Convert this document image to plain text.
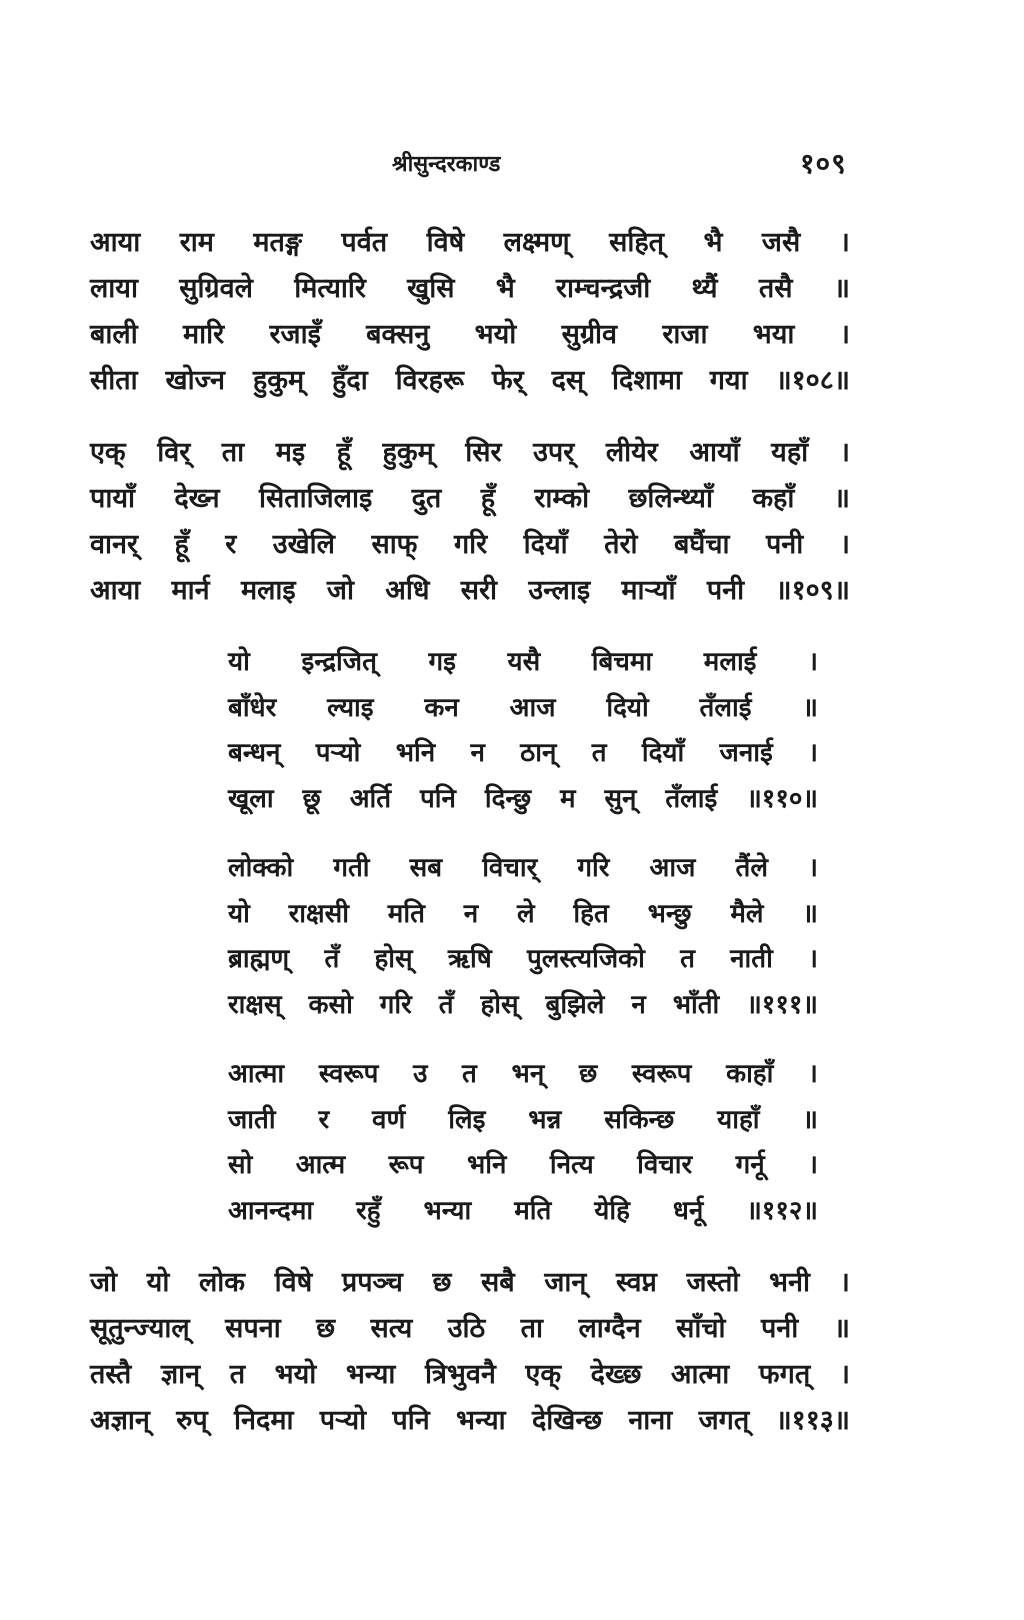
श्रीसुन्दरकाण्ड	१०९
आया राम मतङ्ग पर्वत विषे लक्ष्मण् सहित् भै जसै ।
लाया सुग्रिवले मित्यारि खुसि भै राम्चन्द्रजी थ्यैं तसै ॥
बाली मारि रजाइँ बक्सनु भयो सुग्रीव राजा भया ।
सीता खोज्न हुकुम् हुँदा विरहरू फेर् दस् दिशामा गया ॥१०८॥
एक् विर् ता मइ हूँ हुकुम् सिर उपर् लीयेर आयाँ यहाँ ।
पायाँ देख्न सिताजिलाइ दुत हूँ राम्को छलिन्थ्याँ कहाँ ॥
वानर् हूँ र उखेलि साफ् गरि दियाँ तेरो बघैंचा पनी ।
आया मार्न मलाइ जो अधि सरी उन्लाइ मार्‍याँ पनी ॥१०९॥
यो इन्द्रजित् गइ यसै बिचमा मलाई ।
बाँधेर ल्याइ कन आज दियो तँलाई ॥
बन्धन् पर्‍यो भनि न ठान् त दियाँ जनाई ।
खूला छू अर्ति पनि दिन्छु म सुन् तँलाई ॥११०॥
लोक्को गती सब विचार् गरि आज तैंले ।
यो राक्षसी मति न ले हित भन्छु मैले ॥
ब्राह्मण् तँ होस् ऋषि पुलस्त्यजिको त नाती ।
राक्षस् कसो गरि तँ होस् बुझिले न भाँती ॥१११॥
आत्मा स्वरूप उ त भन् छ स्वरूप काहाँ ।
जाती र वर्ण लिइ भन्न सकिन्छ याहाँ ॥
सो आत्म रूप भनि नित्य विचार गर्नू ।
आनन्दमा रहुँ भन्या मति येहि धर्नू ॥११२॥
जो यो लोक विषे प्रपञ्च छ सबै जान् स्वप्न जस्तो भनी ।
सूतुन्ज्याल् सपना छ सत्य उठि ता लाग्दैन साँचो पनी ॥
तस्तै ज्ञान् त भयो भन्या त्रिभुवनै एक् देख्छ आत्मा फगत् ।
अज्ञान् रुप् निदमा पर्‍यो पनि भन्या देखिन्छ नाना जगत् ॥११३॥
